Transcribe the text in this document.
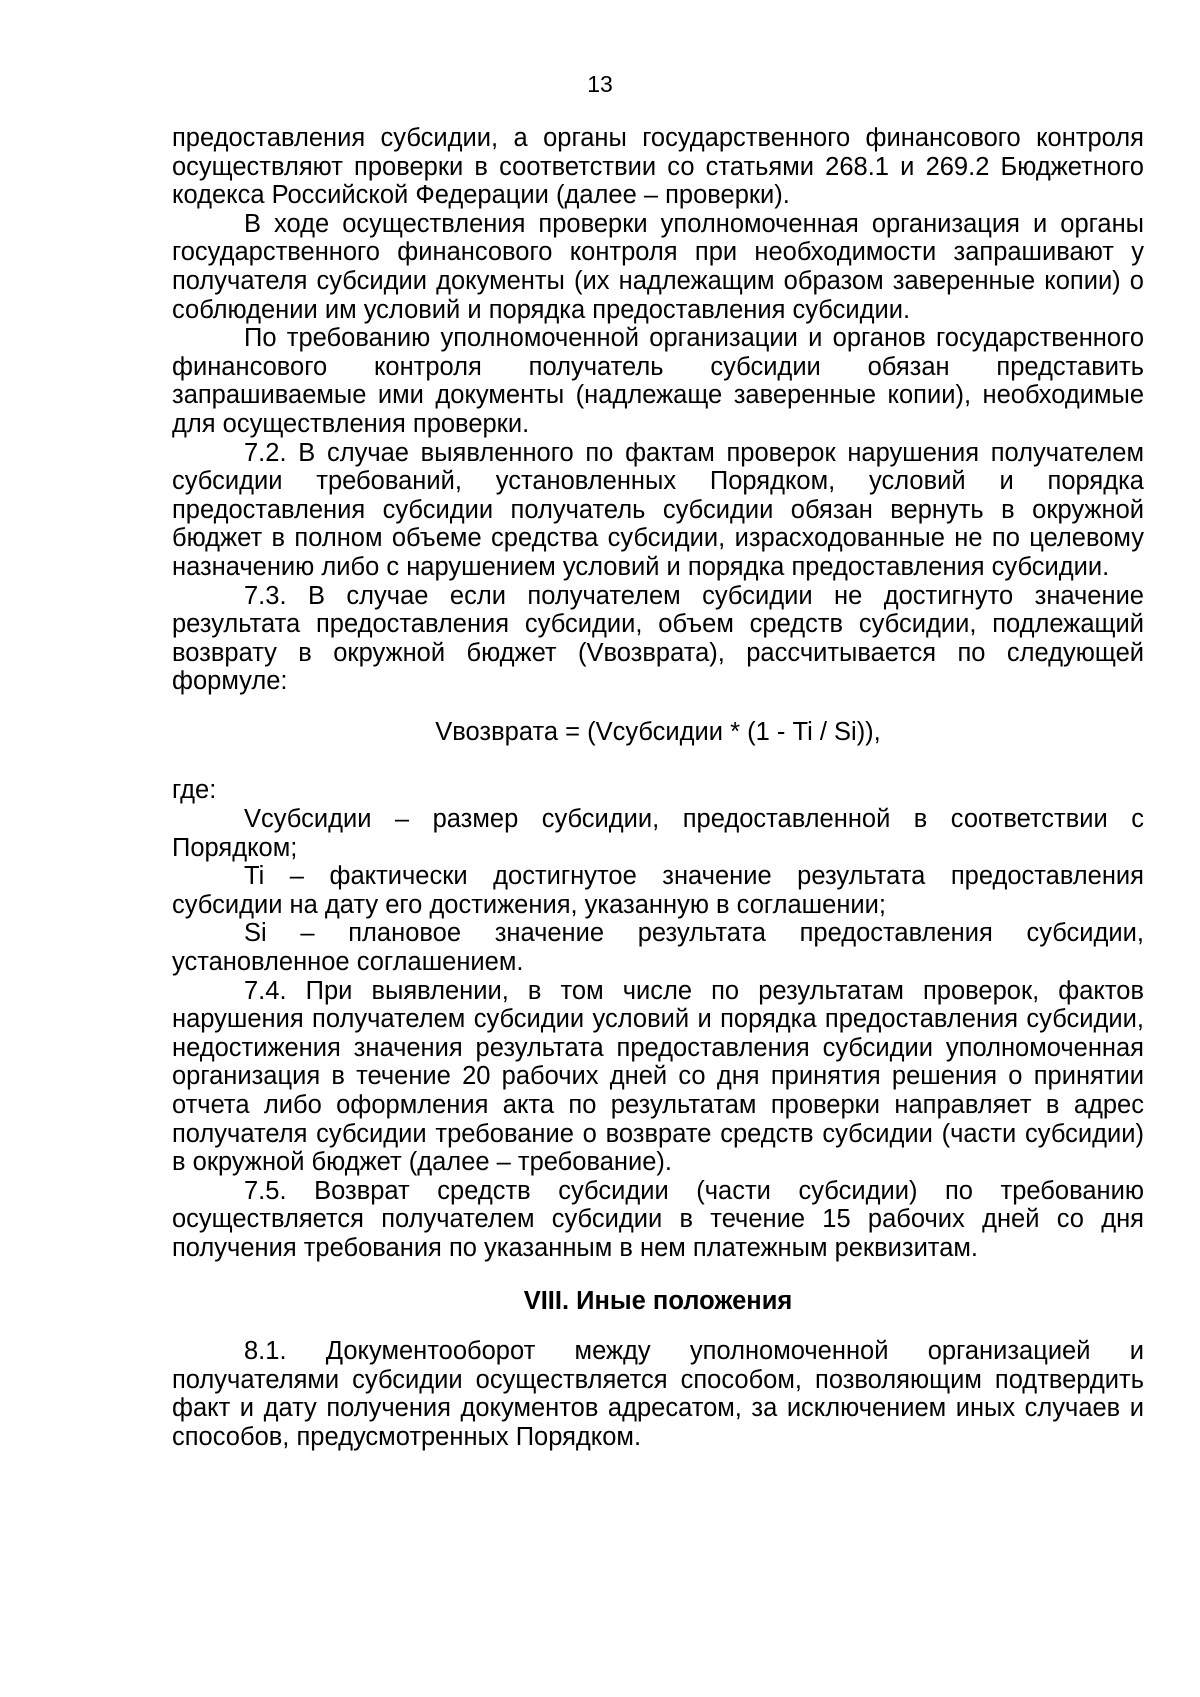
13

предоставления субсидии, а органы государственного финансового контроля осуществляют проверки в соответствии со статьями 268.1 и 269.2 Бюджетного кодекса Российской Федерации (далее – проверки).

В ходе осуществления проверки уполномоченная организация и органы государственного финансового контроля при необходимости запрашивают у получателя субсидии документы (их надлежащим образом заверенные копии) о соблюдении им условий и порядка предоставления субсидии.

По требованию уполномоченной организации и органов государственного финансового контроля получатель субсидии обязан представить запрашиваемые ими документы (надлежаще заверенные копии), необходимые для осуществления проверки.

7.2. В случае выявленного по фактам проверок нарушения получателем субсидии требований, установленных Порядком, условий и порядка предоставления субсидии получатель субсидии обязан вернуть в окружной бюджет в полном объеме средства субсидии, израсходованные не по целевому назначению либо с нарушением условий и порядка предоставления субсидии.

7.3. В случае если получателем субсидии не достигнуто значение результата предоставления субсидии, объем средств субсидии, подлежащий возврату в окружной бюджет (Vвозврата), рассчитывается по следующей формуле:

Vвозврата = (Vсубсидии * (1 - Ti / Si)),

где:

Vсубсидии – размер субсидии, предоставленной в соответствии с Порядком;

Ti – фактически достигнутое значение результата предоставления субсидии на дату его достижения, указанную в соглашении;

Si – плановое значение результата предоставления субсидии, установленное соглашением.

7.4. При выявлении, в том числе по результатам проверок, фактов нарушения получателем субсидии условий и порядка предоставления субсидии, недостижения значения результата предоставления субсидии уполномоченная организация в течение 20 рабочих дней со дня принятия решения о принятии отчета либо оформления акта по результатам проверки направляет в адрес получателя субсидии требование о возврате средств субсидии (части субсидии) в окружной бюджет (далее – требование).

7.5. Возврат средств субсидии (части субсидии) по требованию осуществляется получателем субсидии в течение 15 рабочих дней со дня получения требования по указанным в нем платежным реквизитам.

VIII. Иные положения

8.1. Документооборот между уполномоченной организацией и получателями субсидии осуществляется способом, позволяющим подтвердить факт и дату получения документов адресатом, за исключением иных случаев и способов, предусмотренных Порядком.
